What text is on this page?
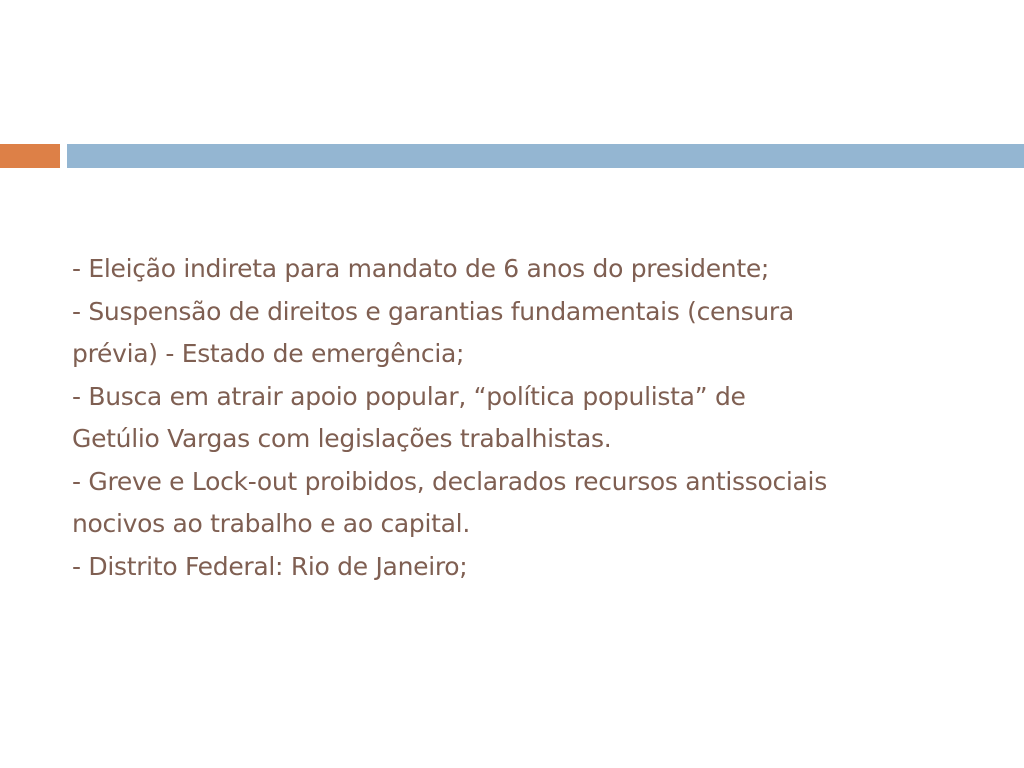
- Eleição indireta para mandato de 6 anos do presidente;
- Suspensão de direitos e garantias fundamentais (censura
prévia) - Estado de emergência;
- Busca em atrair apoio popular, “política populista” de
Getúlio Vargas com legislações trabalhistas.
- Greve e Lock-out proibidos, declarados recursos antissociais
nocivos ao trabalho e ao capital.
- Distrito Federal: Rio de Janeiro;
